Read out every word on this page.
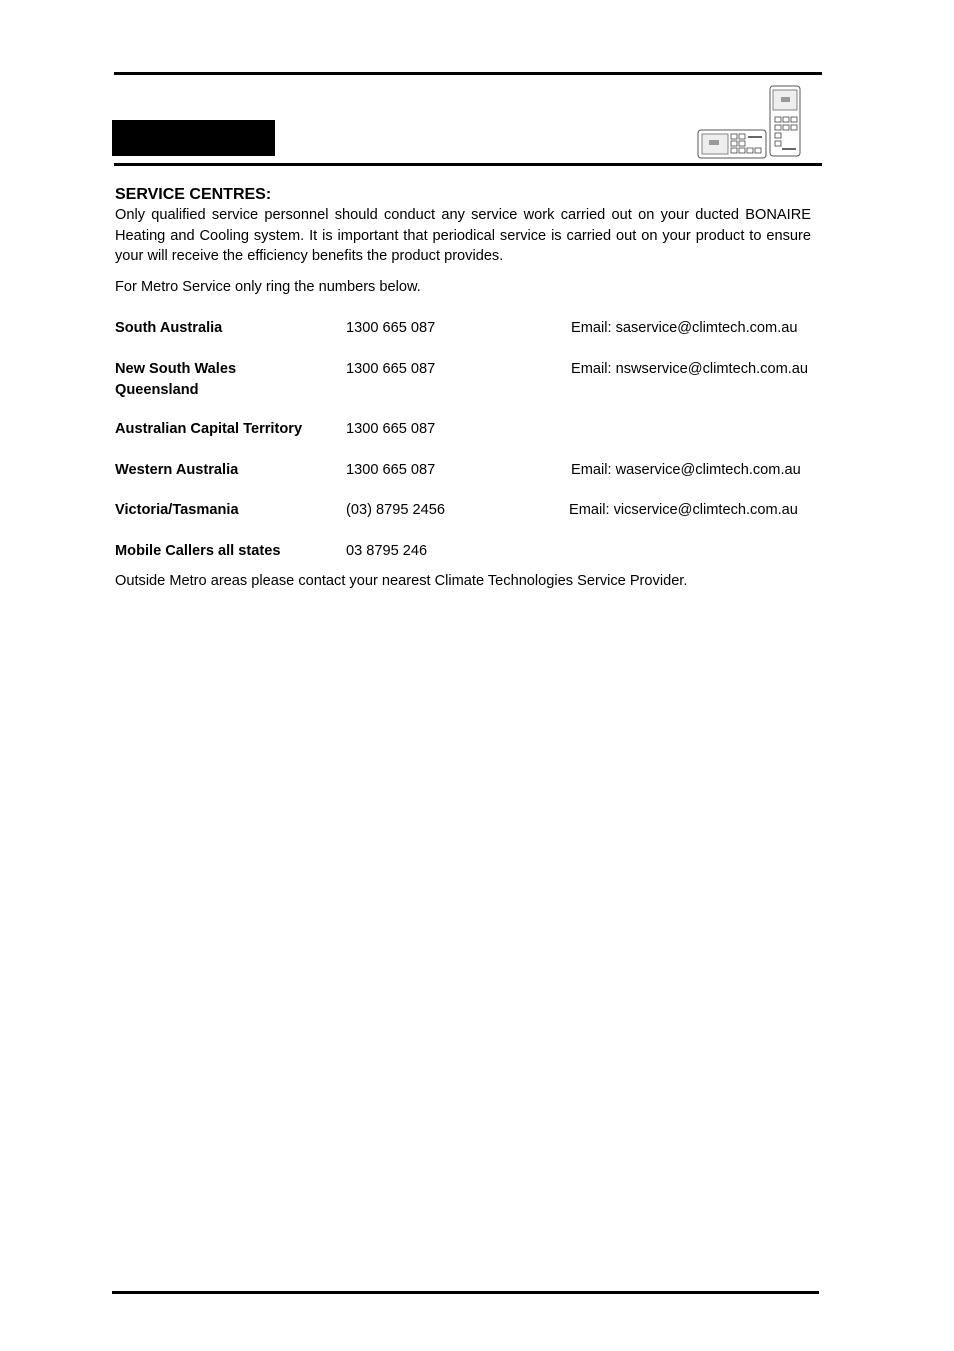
SERVICE CENTRES:

Only qualified service personnel should conduct any service work carried out on your ducted BONAIRE Heating and Cooling system. It is important that periodical service is carried out on your product to ensure your will receive the efficiency benefits the product provides.

For Metro Service only ring the numbers below.

South Australia	1300 665 087	Email: saservice@climtech.com.au
New South Wales
Queensland
1300 665 087	Email: nswservice@climtech.com.au
Australian Capital Territory	1300 665 087
Western Australia	1300 665 087	Email: waservice@climtech.com.au
Victoria/Tasmania	(03) 8795 2456	Email: vicservice@climtech.com.au
Mobile Callers all states	03 8795 246
Outside Metro areas please contact your nearest Climate Technologies Service Provider.
